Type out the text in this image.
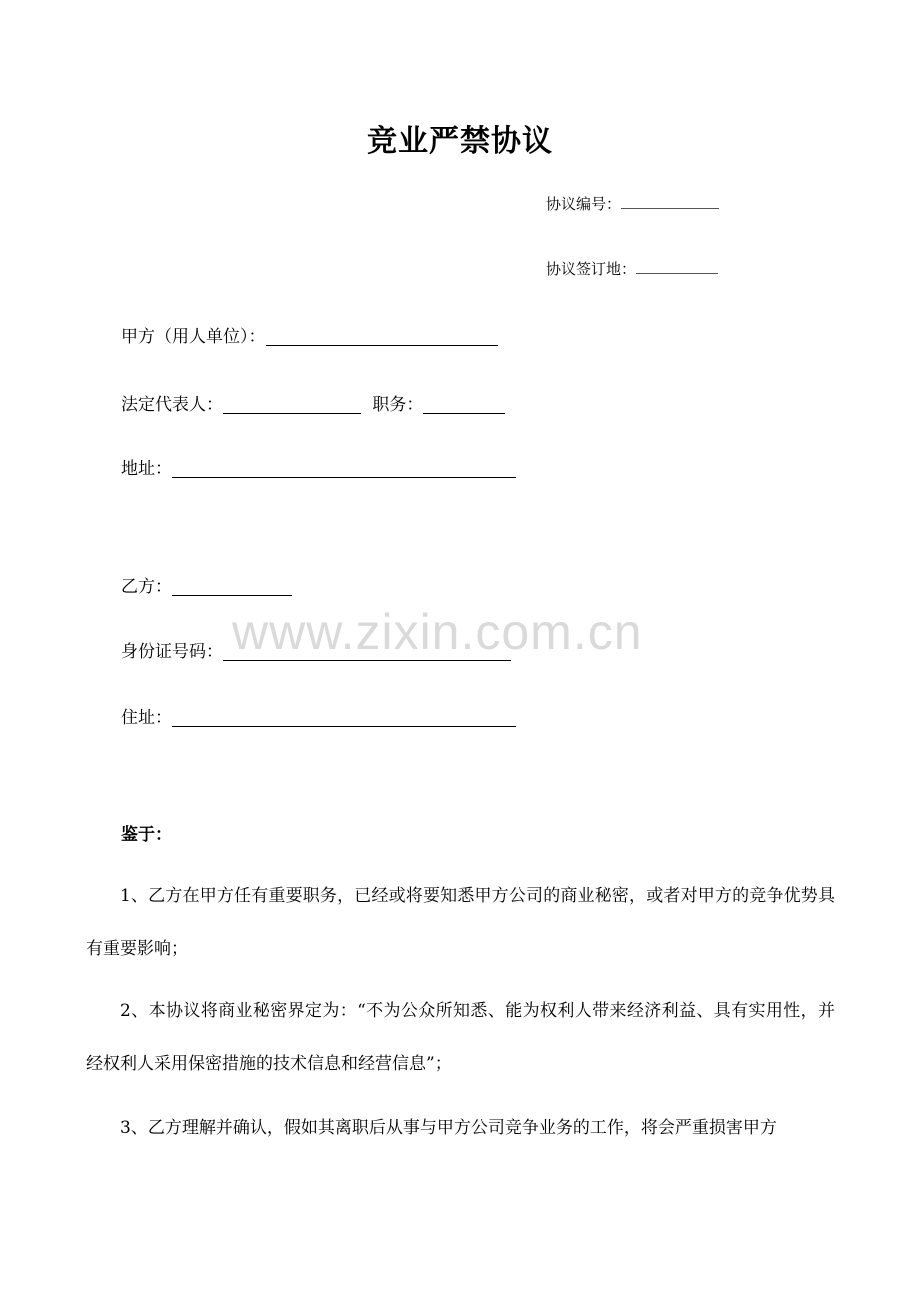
竞业严禁协议
协议编号：
协议签订地：
甲方（用人单位）：
法定代表人：	职务：
地址：
乙方：
身份证号码：
住址：
鉴于：
1、乙方在甲方任有重要职务，已经或将要知悉甲方公司的商业秘密，或者对甲方的竞争优势具有重要影响；
2、本协议将商业秘密界定为：“不为公众所知悉、能为权利人带来经济利益、具有实用性，并经权利人采用保密措施的技术信息和经营信息”；
3、乙方理解并确认，假如其离职后从事与甲方公司竞争业务的工作，将会严重损害甲方
www.zixin.com.cn
